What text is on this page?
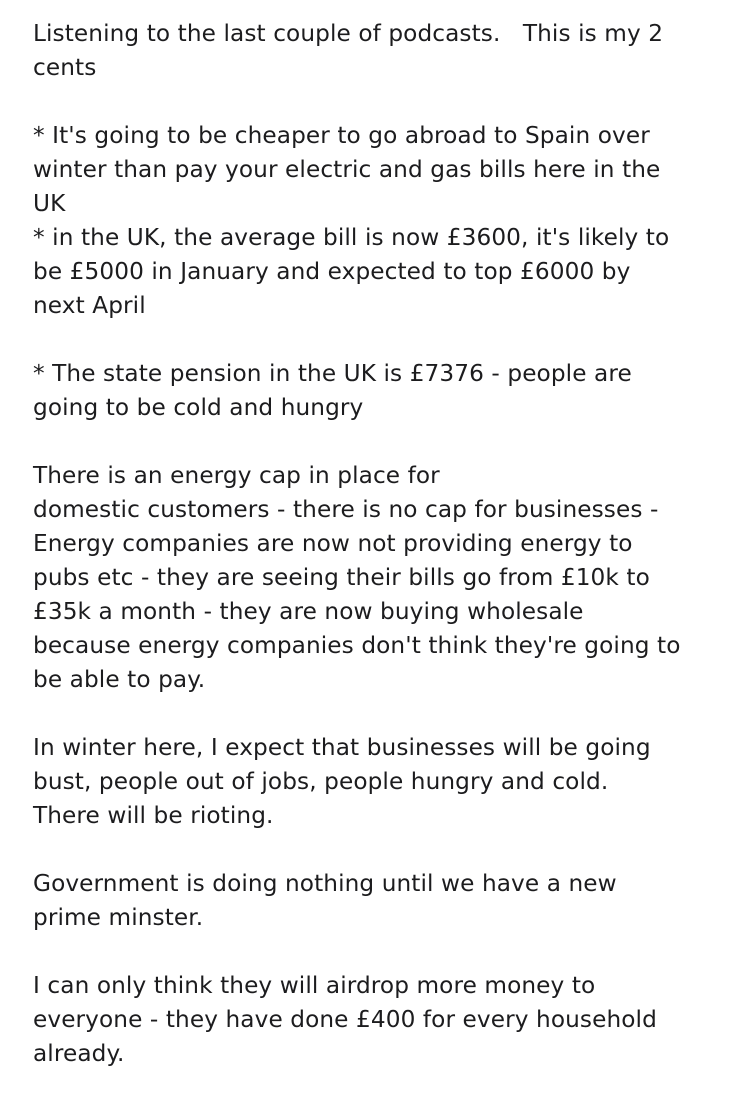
Listening to the last couple of podcasts.   This is my 2
cents
* It's going to be cheaper to go abroad to Spain over
winter than pay your electric and gas bills here in the
UK
* in the UK, the average bill is now £3600, it's likely to
be £5000 in January and expected to top £6000 by
next April
* The state pension in the UK is £7376 - people are
going to be cold and hungry
There is an energy cap in place for
domestic customers - there is no cap for businesses -
Energy companies are now not providing energy to
pubs etc - they are seeing their bills go from £10k to
£35k a month - they are now buying wholesale
because energy companies don't think they're going to
be able to pay.
In winter here, I expect that businesses will be going
bust, people out of jobs, people hungry and cold.
There will be rioting.
Government is doing nothing until we have a new
prime minster.
I can only think they will airdrop more money to
everyone - they have done £400 for every household
already.
